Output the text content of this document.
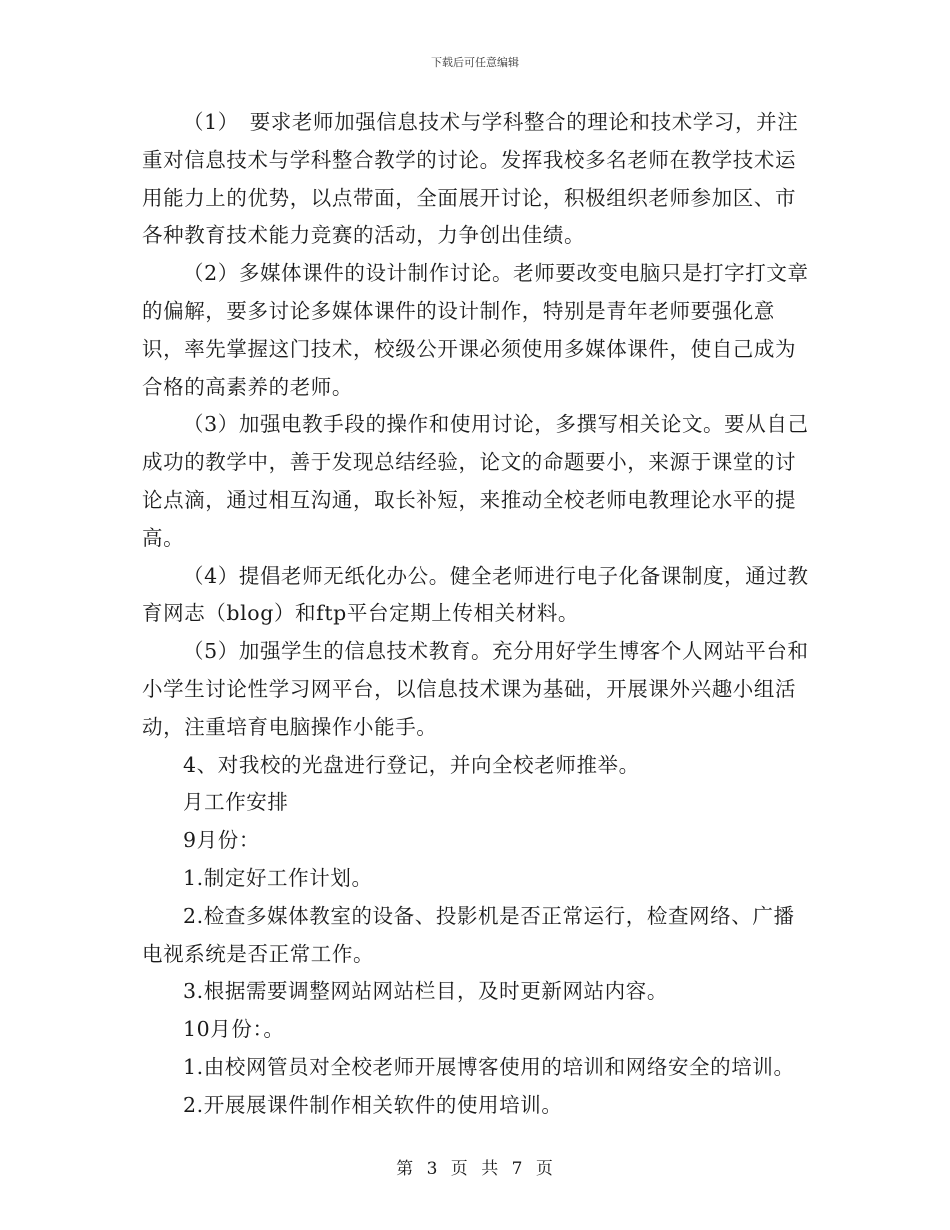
下载后可任意编辑

（1）　要求老师加强信息技术与学科整合的理论和技术学习，并注重对信息技术与学科整合教学的讨论。发挥我校多名老师在教学技术运用能力上的优势，以点带面，全面展开讨论，积极组织老师参加区、市各种教育技术能力竞赛的活动，力争创出佳绩。

（2）多媒体课件的设计制作讨论。老师要改变电脑只是打字打文章的偏解，要多讨论多媒体课件的设计制作，特别是青年老师要强化意识，率先掌握这门技术，校级公开课必须使用多媒体课件，使自己成为合格的高素养的老师。

（3）加强电教手段的操作和使用讨论，多撰写相关论文。要从自己成功的教学中，善于发现总结经验，论文的命题要小，来源于课堂的讨论点滴，通过相互沟通，取长补短，来推动全校老师电教理论水平的提高。

（4）提倡老师无纸化办公。健全老师进行电子化备课制度，通过教育网志（blog）和ftp平台定期上传相关材料。

（5）加强学生的信息技术教育。充分用好学生博客个人网站平台和小学生讨论性学习网平台，以信息技术课为基础，开展课外兴趣小组活动，注重培育电脑操作小能手。

4、对我校的光盘进行登记，并向全校老师推举。

月工作安排

9月份：

1.制定好工作计划。

2.检查多媒体教室的设备、投影机是否正常运行，检查网络、广播电视系统是否正常工作。

3.根据需要调整网站网站栏目，及时更新网站内容。

10月份：。

1.由校网管员对全校老师开展博客使用的培训和网络安全的培训。

2.开展展课件制作相关软件的使用培训。

第 3 页 共 7 页
